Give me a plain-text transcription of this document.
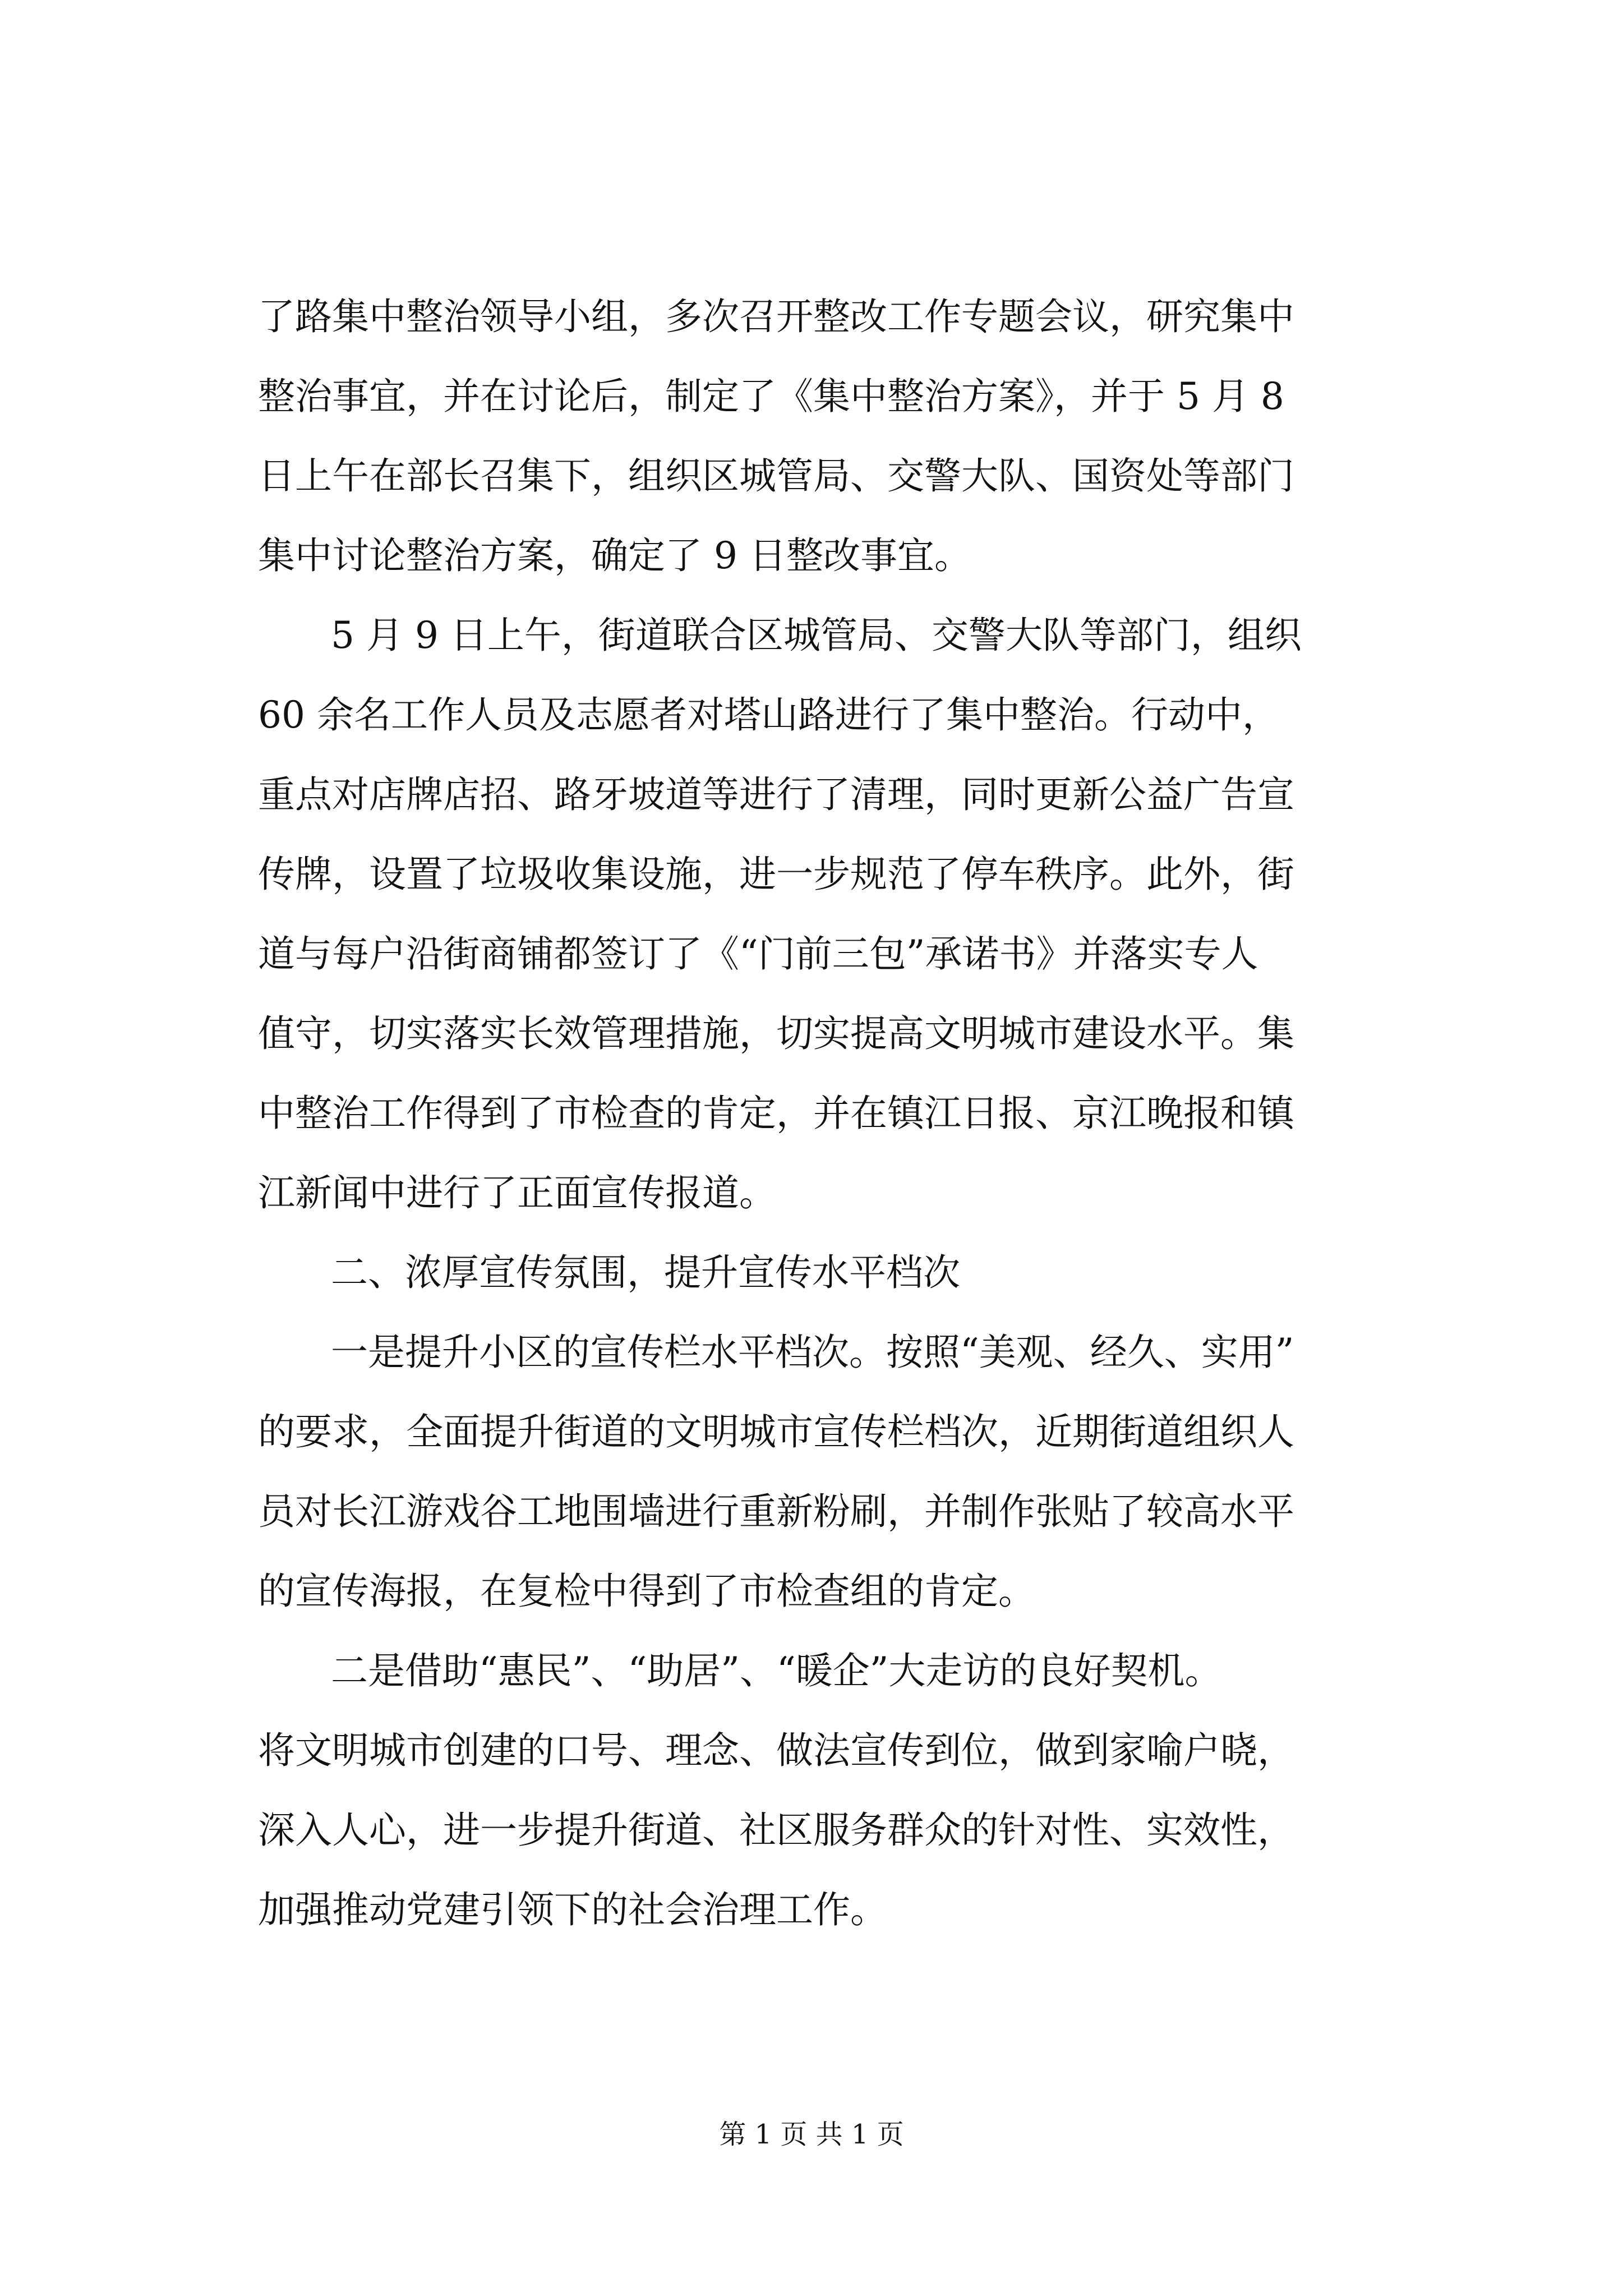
了路集中整治领导小组，多次召开整改工作专题会议，研究集中
整治事宜，并在讨论后，制定了《集中整治方案》，并于 5 月 8
日上午在部长召集下，组织区城管局、交警大队、国资处等部门
集中讨论整治方案，确定了 9 日整改事宜。
5 月 9 日上午，街道联合区城管局、交警大队等部门，组织
60 余名工作人员及志愿者对塔山路进行了集中整治。行动中，
重点对店牌店招、路牙坡道等进行了清理，同时更新公益广告宣
传牌，设置了垃圾收集设施，进一步规范了停车秩序。此外，街
道与每户沿街商铺都签订了《“门前三包”承诺书》并落实专人
值守，切实落实长效管理措施，切实提高文明城市建设水平。集
中整治工作得到了市检查的肯定，并在镇江日报、京江晚报和镇
江新闻中进行了正面宣传报道。
二、浓厚宣传氛围，提升宣传水平档次
一是提升小区的宣传栏水平档次。按照“美观、经久、实用”
的要求，全面提升街道的文明城市宣传栏档次，近期街道组织人
员对长江游戏谷工地围墙进行重新粉刷，并制作张贴了较高水平
的宣传海报，在复检中得到了市检查组的肯定。
二是借助“惠民”、“助居”、“暖企”大走访的良好契机。
将文明城市创建的口号、理念、做法宣传到位，做到家喻户晓，
深入人心，进一步提升街道、社区服务群众的针对性、实效性，
加强推动党建引领下的社会治理工作。
第 1 页 共 1 页
